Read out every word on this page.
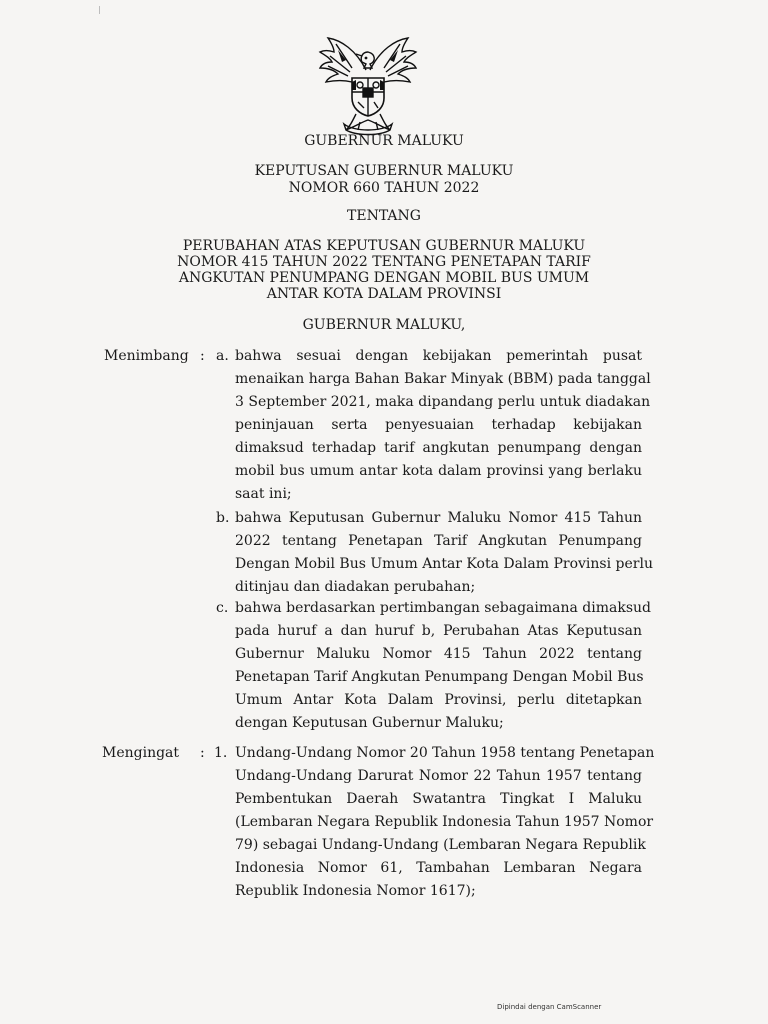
GUBERNUR MALUKU
KEPUTUSAN GUBERNUR MALUKU
NOMOR 660 TAHUN 2022
TENTANG
PERUBAHAN ATAS KEPUTUSAN GUBERNUR MALUKU
NOMOR 415 TAHUN 2022 TENTANG PENETAPAN TARIF
ANGKUTAN PENUMPANG DENGAN MOBIL BUS UMUM
ANTAR KOTA DALAM PROVINSI
GUBERNUR MALUKU,
Menimbang : a. bahwa sesuai dengan kebijakan pemerintah pusat
menaikan harga Bahan Bakar Minyak (BBM) pada tanggal
3 September 2021, maka dipandang perlu untuk diadakan
peninjauan serta penyesuaian terhadap kebijakan
dimaksud terhadap tarif angkutan penumpang dengan
mobil bus umum antar kota dalam provinsi yang berlaku
saat ini;
b. bahwa Keputusan Gubernur Maluku Nomor 415 Tahun
2022 tentang Penetapan Tarif Angkutan Penumpang
Dengan Mobil Bus Umum Antar Kota Dalam Provinsi perlu
ditinjau dan diadakan perubahan;
c. bahwa berdasarkan pertimbangan sebagaimana dimaksud
pada huruf a dan huruf b, Perubahan Atas Keputusan
Gubernur Maluku Nomor 415 Tahun 2022 tentang
Penetapan Tarif Angkutan Penumpang Dengan Mobil Bus
Umum Antar Kota Dalam Provinsi, perlu ditetapkan
dengan Keputusan Gubernur Maluku;
Mengingat : 1. Undang-Undang Nomor 20 Tahun 1958 tentang Penetapan
Undang-Undang Darurat Nomor 22 Tahun 1957 tentang
Pembentukan Daerah Swatantra Tingkat I Maluku
(Lembaran Negara Republik Indonesia Tahun 1957 Nomor
79) sebagai Undang-Undang (Lembaran Negara Republik
Indonesia Nomor 61, Tambahan Lembaran Negara
Republik Indonesia Nomor 1617);
Dipindai dengan CamScanner
